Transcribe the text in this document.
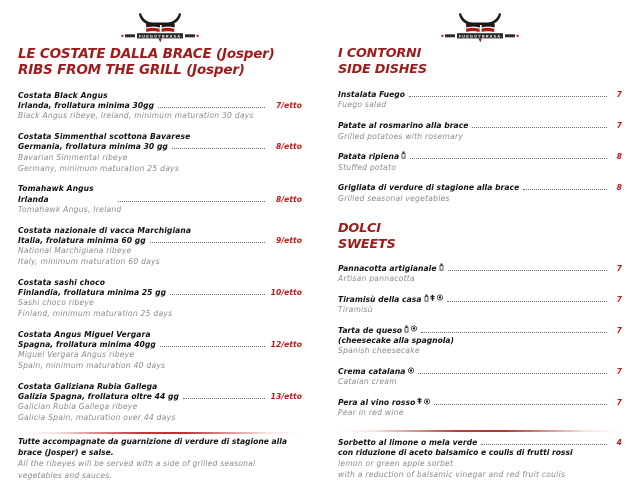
FUEGOYBRASA
LE COSTATE DALLA BRACE (Josper)
RIBS FROM THE GRILL (Josper)
Costata Black Angus
Irlanda, frollatura minima 30gg	7/etto
Black Angus ribeye, Ireland, minimum maturation 30 days
Costata Simmenthal scottona Bavarese
Germania, frollatura minima 30 gg	8/etto
Bavarian Simmental ribeye
Germany, minimum maturation 25 days
Tomahawk Angus
Irlanda	8/etto
Tomahawk Angus, Ireland
Costata nazionale di vacca Marchigiana
Italia, frolatura minima 60 gg	9/etto
National Marchigiana ribeye
Italy, minimum maturation 60 days
Costata sashi choco
Finlandia, frollatura minima 25 gg	10/etto
Sashi choco ribeye
Finland, minimum maturation 25 days
Costata Angus Miguel Vergara
Spagna, frollatura minima 40gg	12/etto
Miguel Vergara Angus ribeye
Spain, minimum maturation 40 days
Costata Galiziana Rubia Gallega
Galizia Spagna, frollatura oltre 44 gg	13/etto
Galician Rubia Gallega ribeye
Galicia Spain, maturation over 44 days
Tutte accompagnate da guarnizione di verdure di stagione alla
brace (Josper) e salse.
All the ribeyes will be served with a side of grilled seasonal
vegetables and sauces.
FUEGOYBRASA
I CONTORNI
SIDE DISHES
Instalata Fuego	7
Fuego salad
Patate al rosmarino alla brace	7
Grilled potatoes with rosemary
Patata ripiena	8
Stuffed potato
Grigliata di verdure di stagione alla brace	8
Grilled seasonal vegetables
DOLCI
SWEETS
Pannacotta artigianale	7
Artisan pannacotta
Tiramisù della casa	7
Tiramisù
Tarta de queso	7
(cheesecake alla spagnola)
Spanish cheesecake
Crema catalana	7
Catalan cream
Pera al vino rosso	7
Pear in red wine
Sorbetto al limone o mela verde	4
con riduzione di aceto balsamico e coulis di frutti rossi
lemon or green apple sorbet
with a reduction of balsamic vinegar and red fruit coulis
